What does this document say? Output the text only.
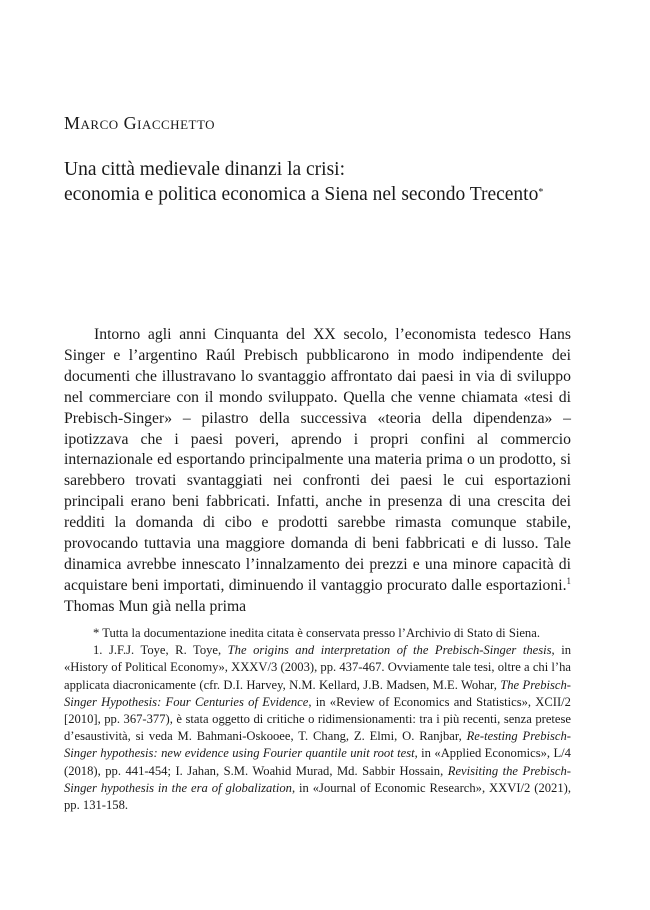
Marco Giacchetto
Una città medievale dinanzi la crisi:
economia e politica economica a Siena nel secondo Trecento*

Intorno agli anni Cinquanta del XX secolo, l’economista tedesco Hans Singer e l’argentino Raúl Prebisch pubblicarono in modo indipendente dei documenti che illustravano lo svantaggio affrontato dai paesi in via di sviluppo nel commerciare con il mondo sviluppato. Quella che venne chiamata «tesi di Prebisch-Singer» – pilastro della successiva «teoria della dipendenza» – ipotizzava che i paesi poveri, aprendo i propri confini al commercio internazionale ed esportando principalmente una materia prima o un prodotto, si sarebbero trovati svantaggiati nei confronti dei paesi le cui esportazioni principali erano beni fabbricati. Infatti, anche in presenza di una crescita dei redditi la domanda di cibo e prodotti sarebbe rimasta comunque stabile, provocando tuttavia una maggiore domanda di beni fabbricati e di lusso. Tale dinamica avrebbe innescato l’innalzamento dei prezzi e una minore capacità di acquistare beni importati, diminuendo il vantaggio procurato dalle esportazioni.$^1$ Thomas Mun già nella prima

* Tutta la documentazione inedita citata è conservata presso l’Archivio di Stato di Siena.

1. J.F.J. Toye, R. Toye, The origins and interpretation of the Prebisch-Singer thesis, in «History of Political Economy», XXXV/3 (2003), pp. 437-467. Ovviamente tale tesi, oltre a chi l’ha applicata diacronicamente (cfr. D.I. Harvey, N.M. Kellard, J.B. Madsen, M.E. Wohar, The Prebisch-Singer Hypothesis: Four Centuries of Evidence, in «Review of Economics and Statistics», XCII/2 [2010], pp. 367-377), è stata oggetto di critiche o ridimensionamenti: tra i più recenti, senza pretese d’esaustività, si veda M. Bahmani-Oskooee, T. Chang, Z. Elmi, O. Ranjbar, Re-testing Prebisch-Singer hypothesis: new evidence using Fourier quantile unit root test, in «Applied Economics», L/4 (2018), pp. 441-454; I. Jahan, S.M. Woahid Murad, Md. Sabbir Hossain, Revisiting the Prebisch-Singer hypothesis in the era of globalization, in «Journal of Economic Research», XXVI/2 (2021), pp. 131-158.
